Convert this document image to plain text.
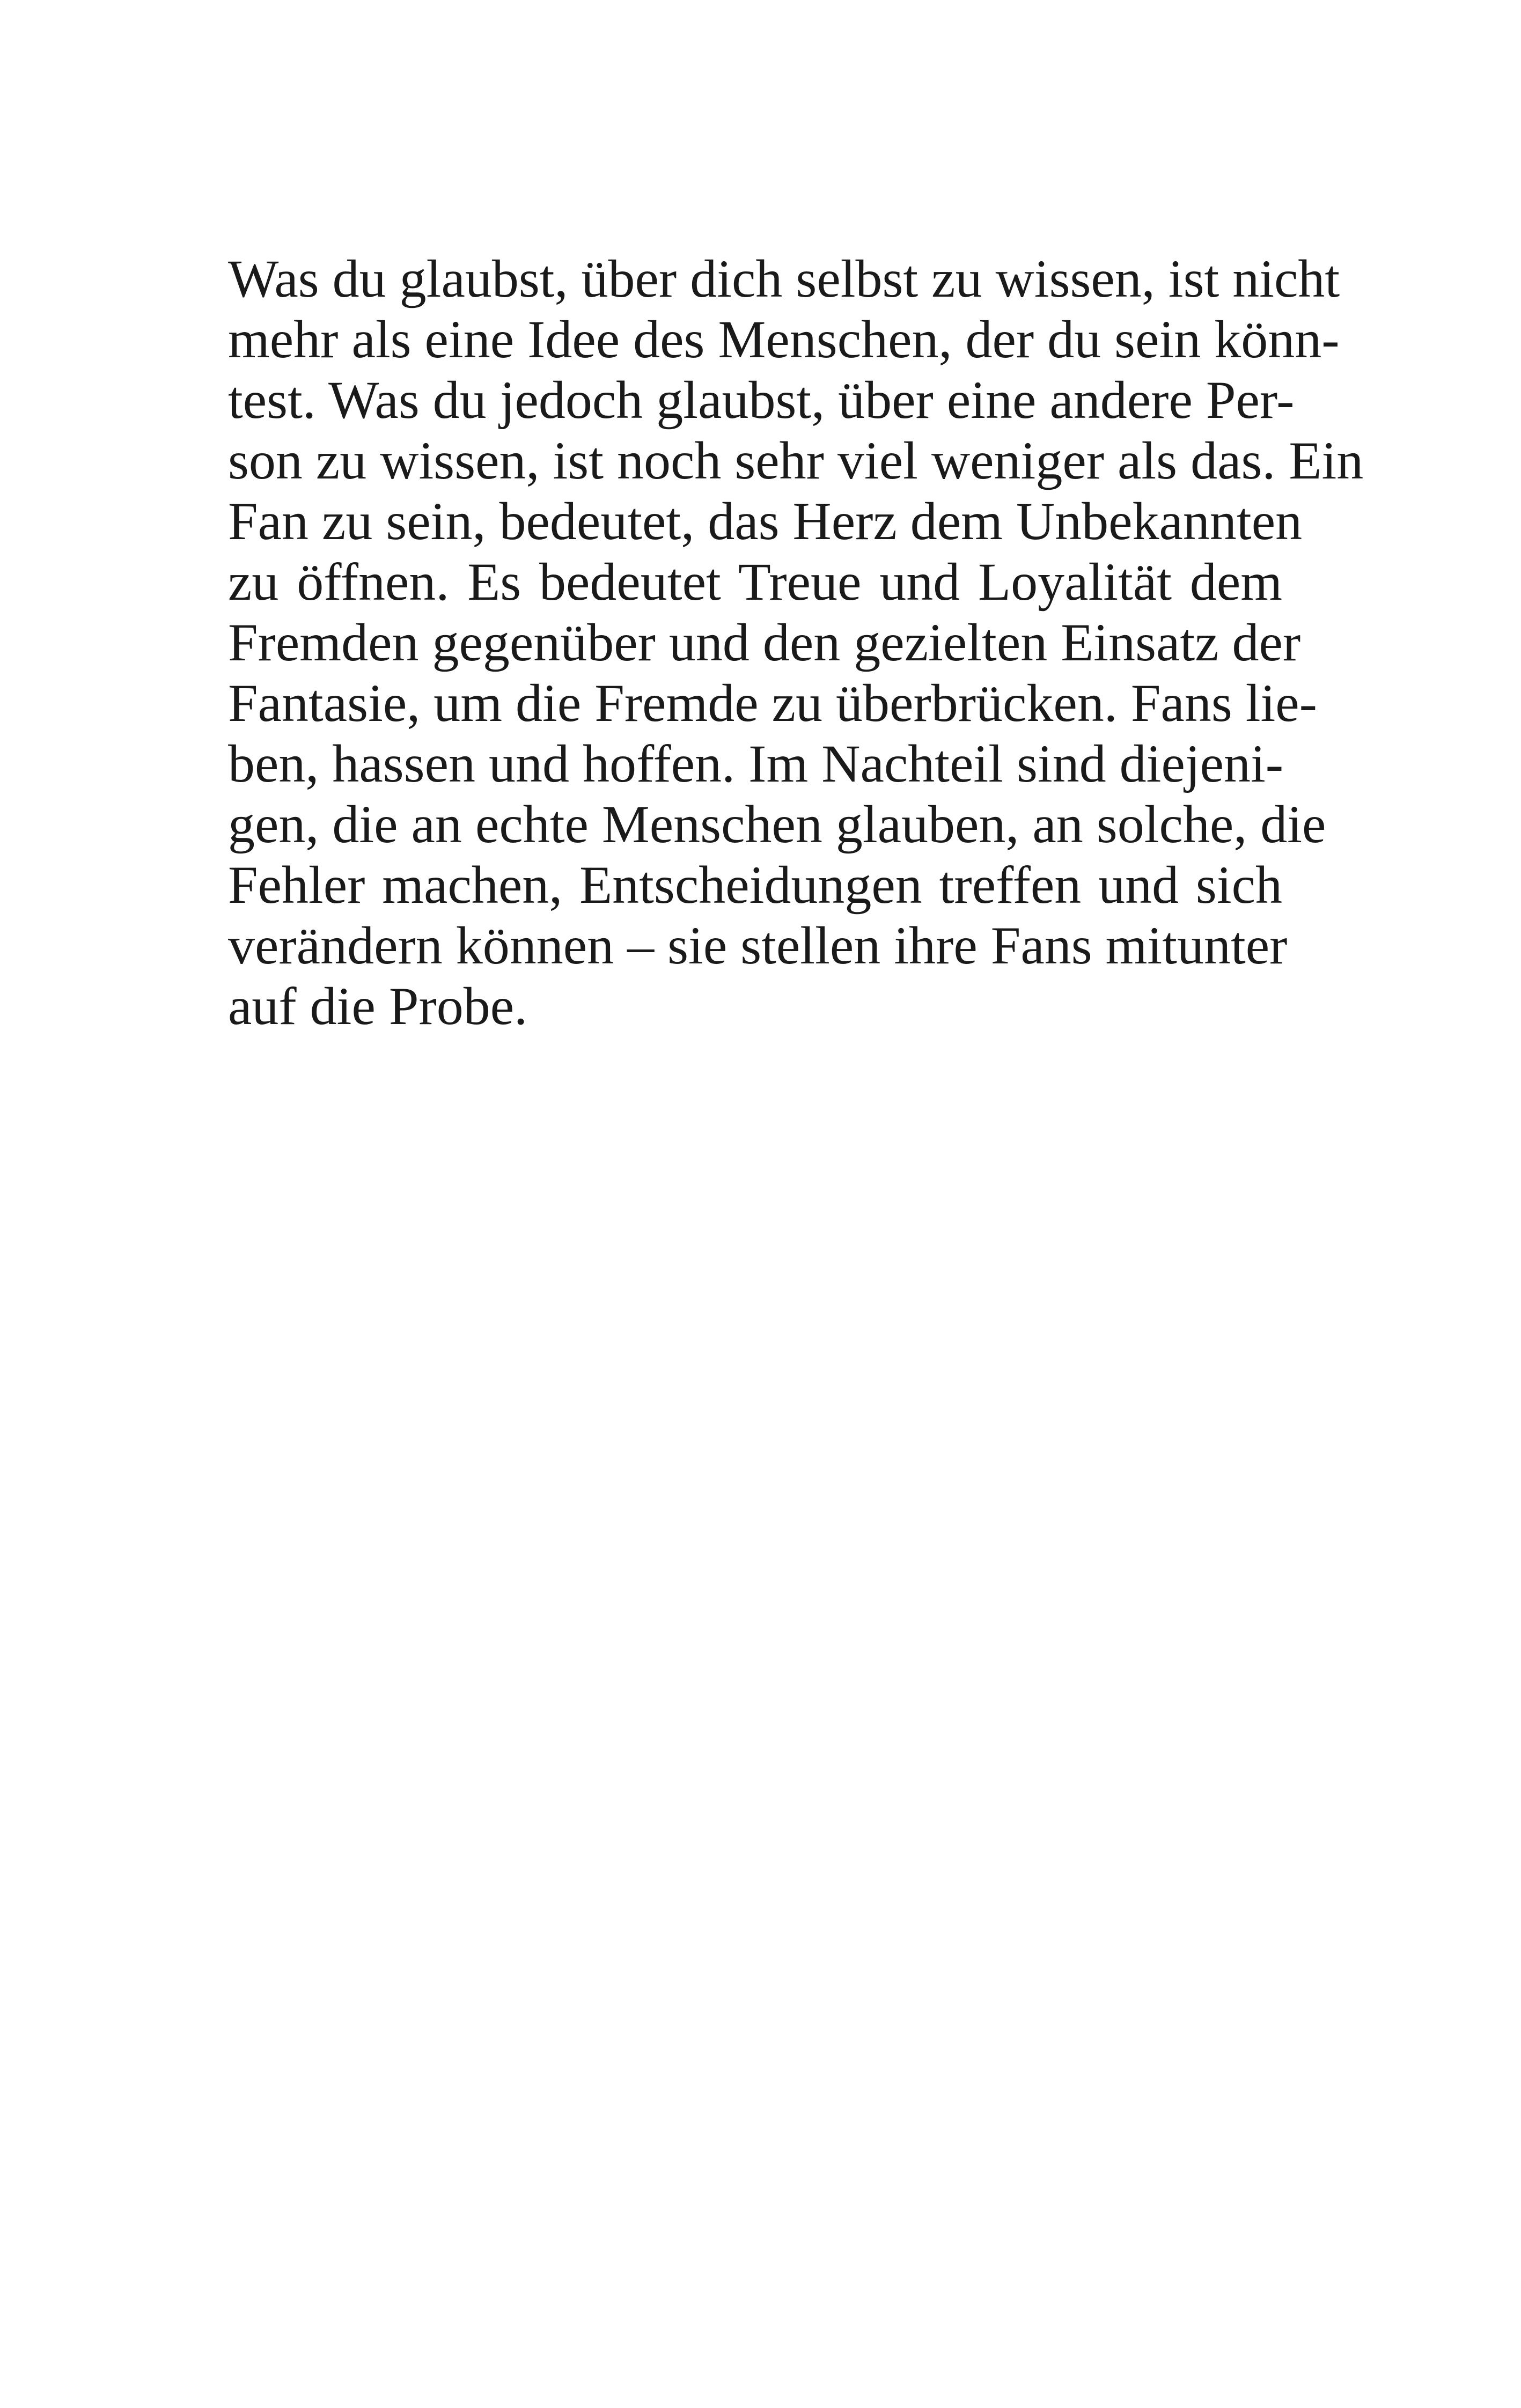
Was du glaubst, über dich selbst zu wissen, ist nicht
mehr als eine Idee des Menschen, der du sein könn-
test. Was du jedoch glaubst, über eine andere Per-
son zu wissen, ist noch sehr viel weniger als das. Ein
Fan zu sein, bedeutet, das Herz dem Unbekannten
zu öffnen. Es bedeutet Treue und Loyalität dem
Fremden gegenüber und den gezielten Einsatz der
Fantasie, um die Fremde zu überbrücken. Fans lie-
ben, hassen und hoffen. Im Nachteil sind diejeni-
gen, die an echte Menschen glauben, an solche, die
Fehler machen, Entscheidungen treffen und sich
verändern können – sie stellen ihre Fans mitunter
auf die Probe.
